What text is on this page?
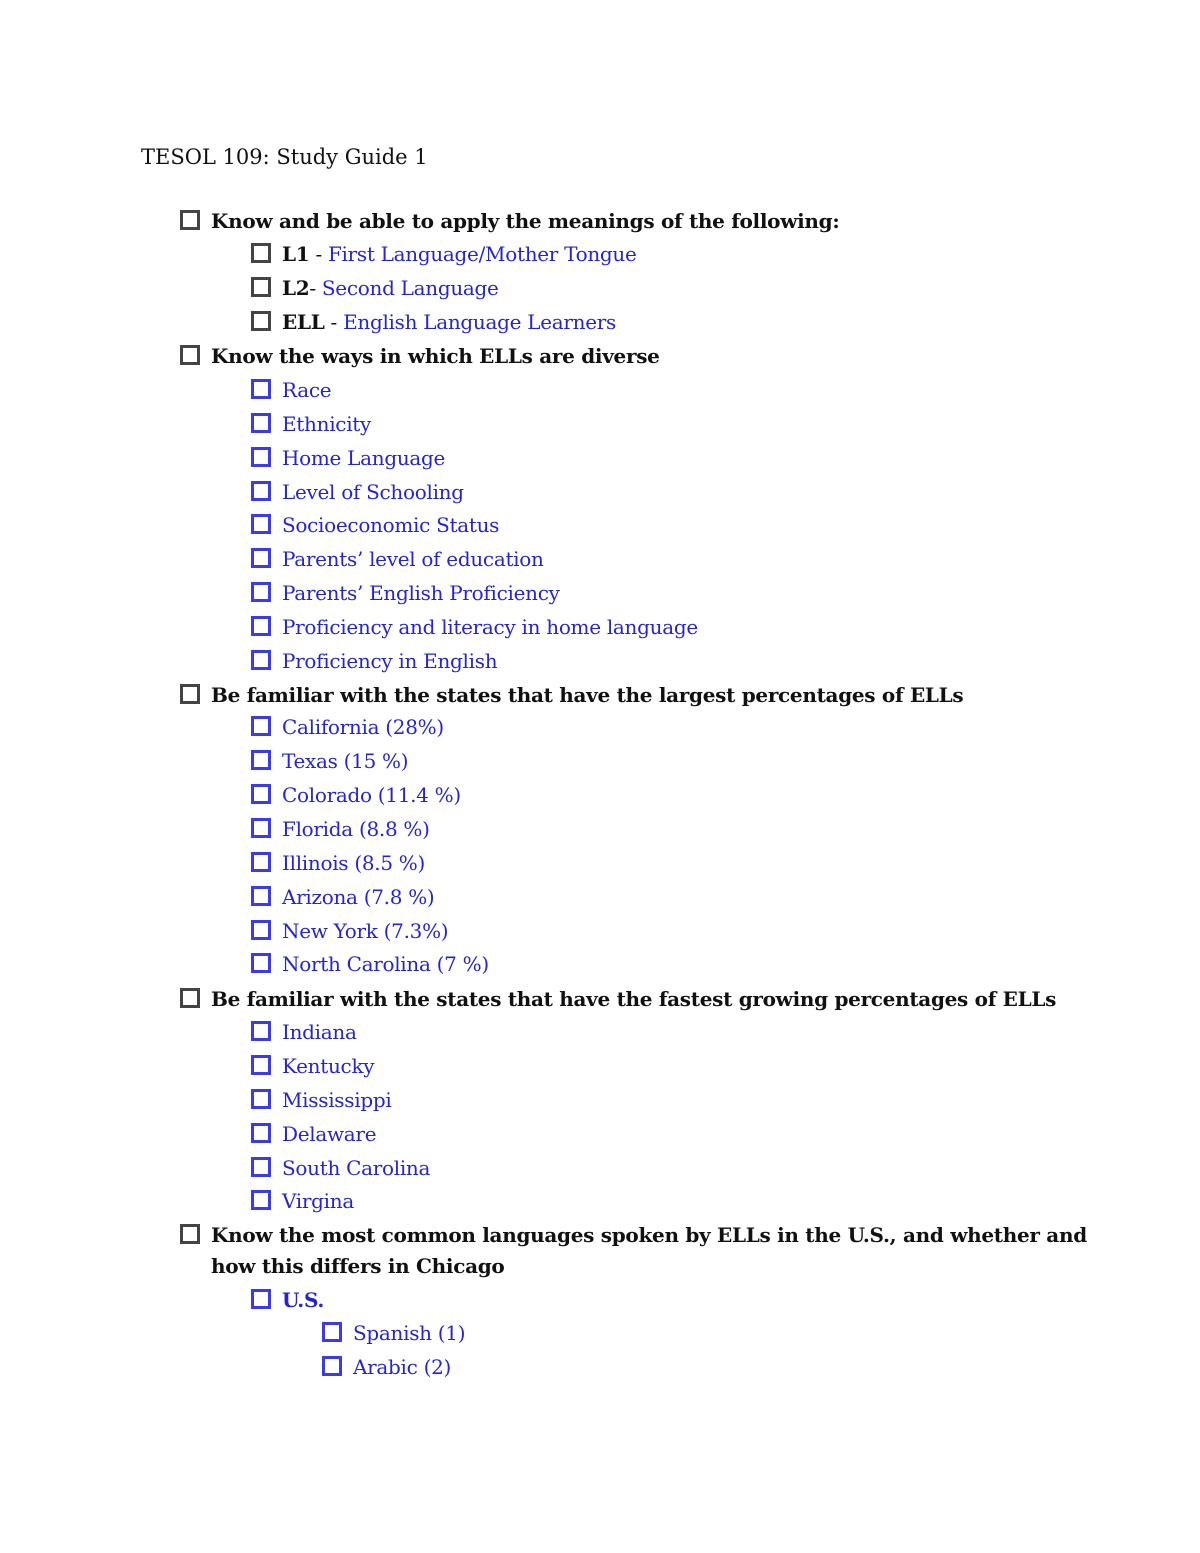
TESOL 109: Study Guide 1
Know and be able to apply the meanings of the following:
L1 - First Language/Mother Tongue
L2- Second Language
ELL - English Language Learners
Know the ways in which ELLs are diverse
Race
Ethnicity
Home Language
Level of Schooling
Socioeconomic Status
Parents’ level of education
Parents’ English Proficiency
Proficiency and literacy in home language
Proficiency in English
Be familiar with the states that have the largest percentages of ELLs
California (28%)
Texas (15 %)
Colorado (11.4 %)
Florida (8.8 %)
Illinois (8.5 %)
Arizona (7.8 %)
New York (7.3%)
North Carolina (7 %)
Be familiar with the states that have the fastest growing percentages of ELLs
Indiana
Kentucky
Mississippi
Delaware
South Carolina
Virgina
Know the most common languages spoken by ELLs in the U.S., and whether and
how this differs in Chicago
U.S.
Spanish (1)
Arabic (2)
